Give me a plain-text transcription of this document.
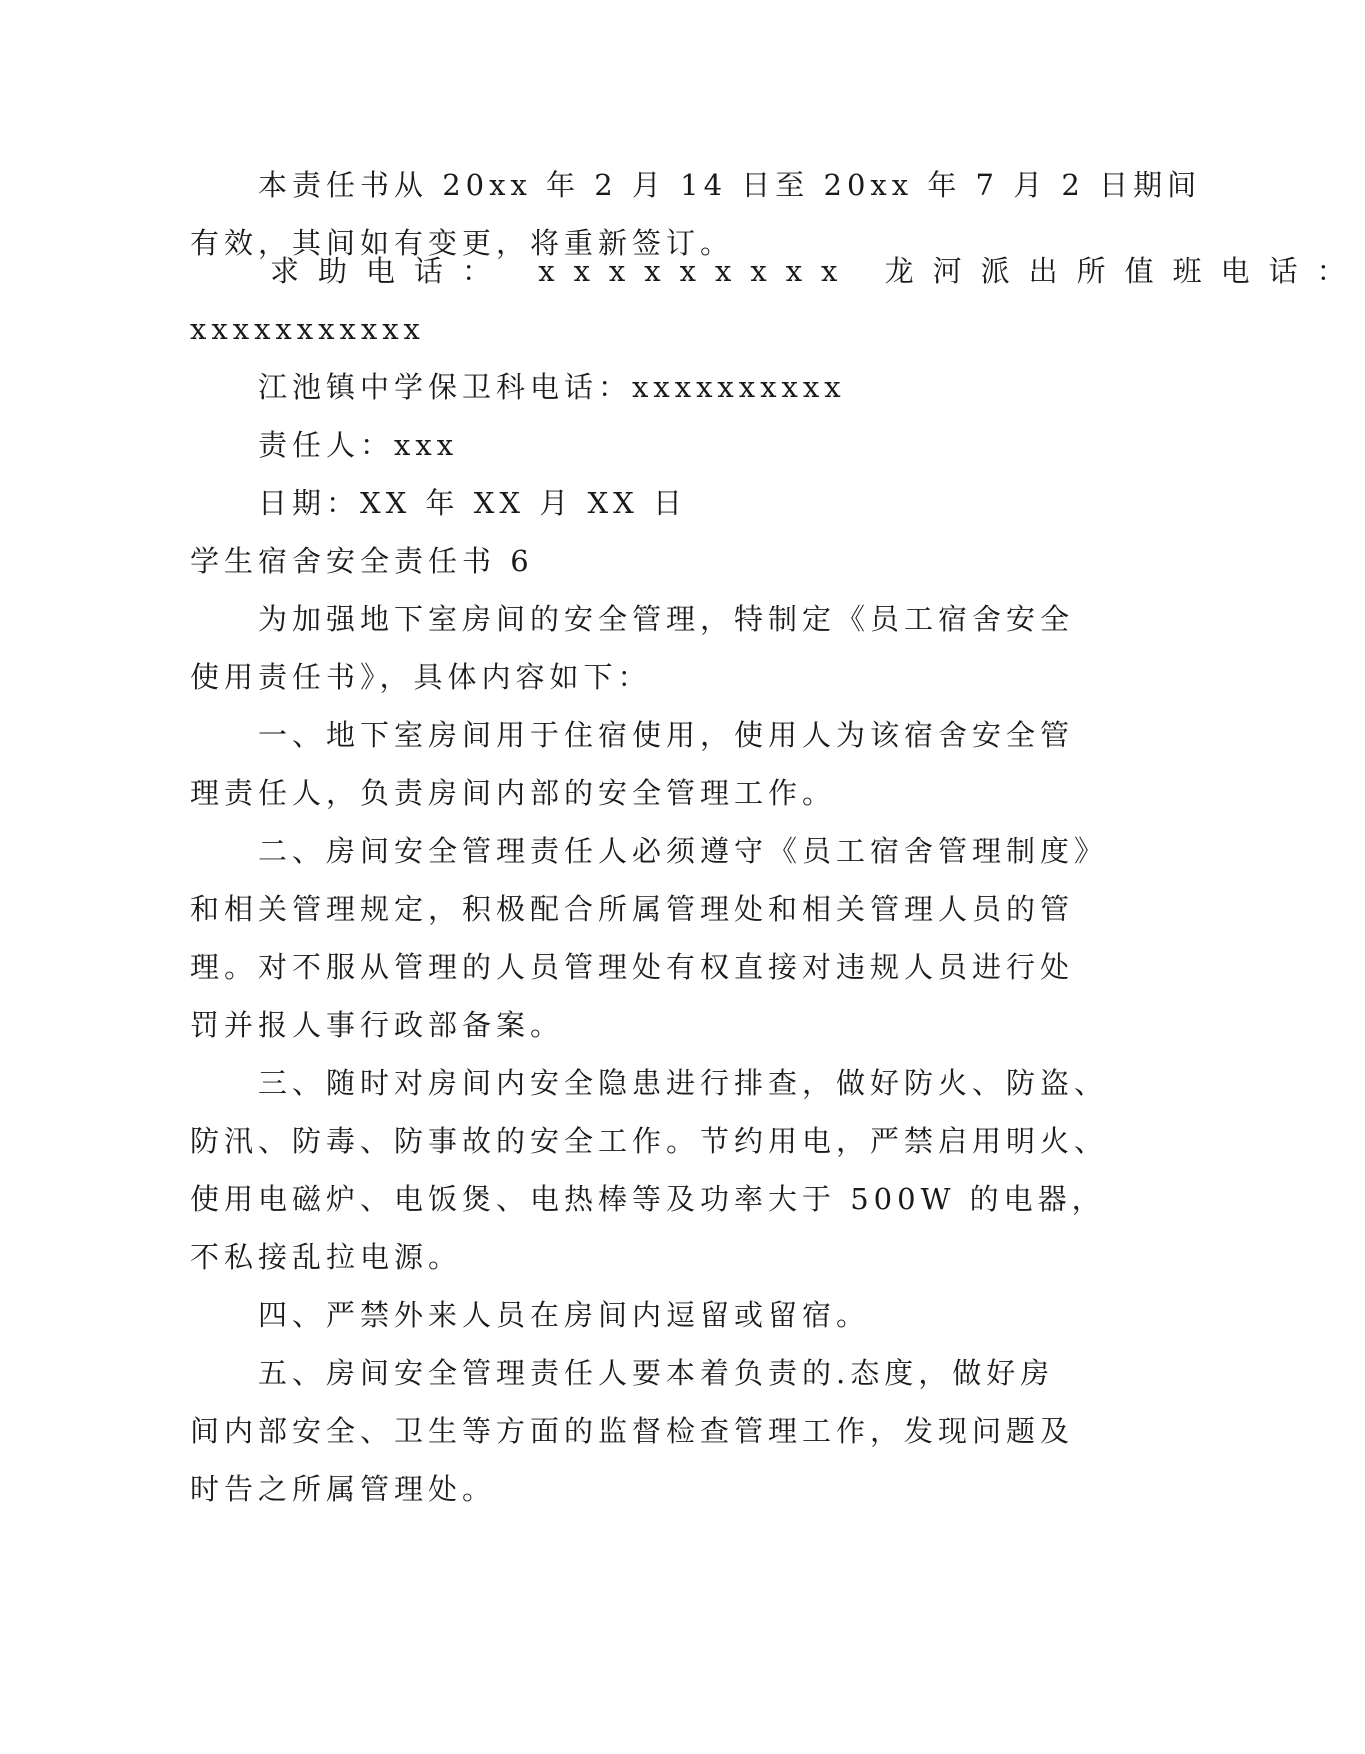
本责任书从 20xx 年 2 月 14 日至 20xx 年 7 月 2 日期间
有效，其间如有变更，将重新签订。
求助电话： xxxxxxxxx 龙河派出所值班电话：
xxxxxxxxxxx
江池镇中学保卫科电话：xxxxxxxxxx
责任人：xxx
日期：XX 年 XX 月 XX 日
学生宿舍安全责任书 6
为加强地下室房间的安全管理，特制定《员工宿舍安全
使用责任书》，具体内容如下：
一、地下室房间用于住宿使用，使用人为该宿舍安全管
理责任人，负责房间内部的安全管理工作。
二、房间安全管理责任人必须遵守《员工宿舍管理制度》
和相关管理规定，积极配合所属管理处和相关管理人员的管
理。对不服从管理的人员管理处有权直接对违规人员进行处
罚并报人事行政部备案。
三、随时对房间内安全隐患进行排查，做好防火、防盗、
防汛、防毒、防事故的安全工作。节约用电，严禁启用明火、
使用电磁炉、电饭煲、电热棒等及功率大于 500W 的电器，
不私接乱拉电源。
四、严禁外来人员在房间内逗留或留宿。
五、房间安全管理责任人要本着负责的.态度，做好房
间内部安全、卫生等方面的监督检查管理工作，发现问题及
时告之所属管理处。
